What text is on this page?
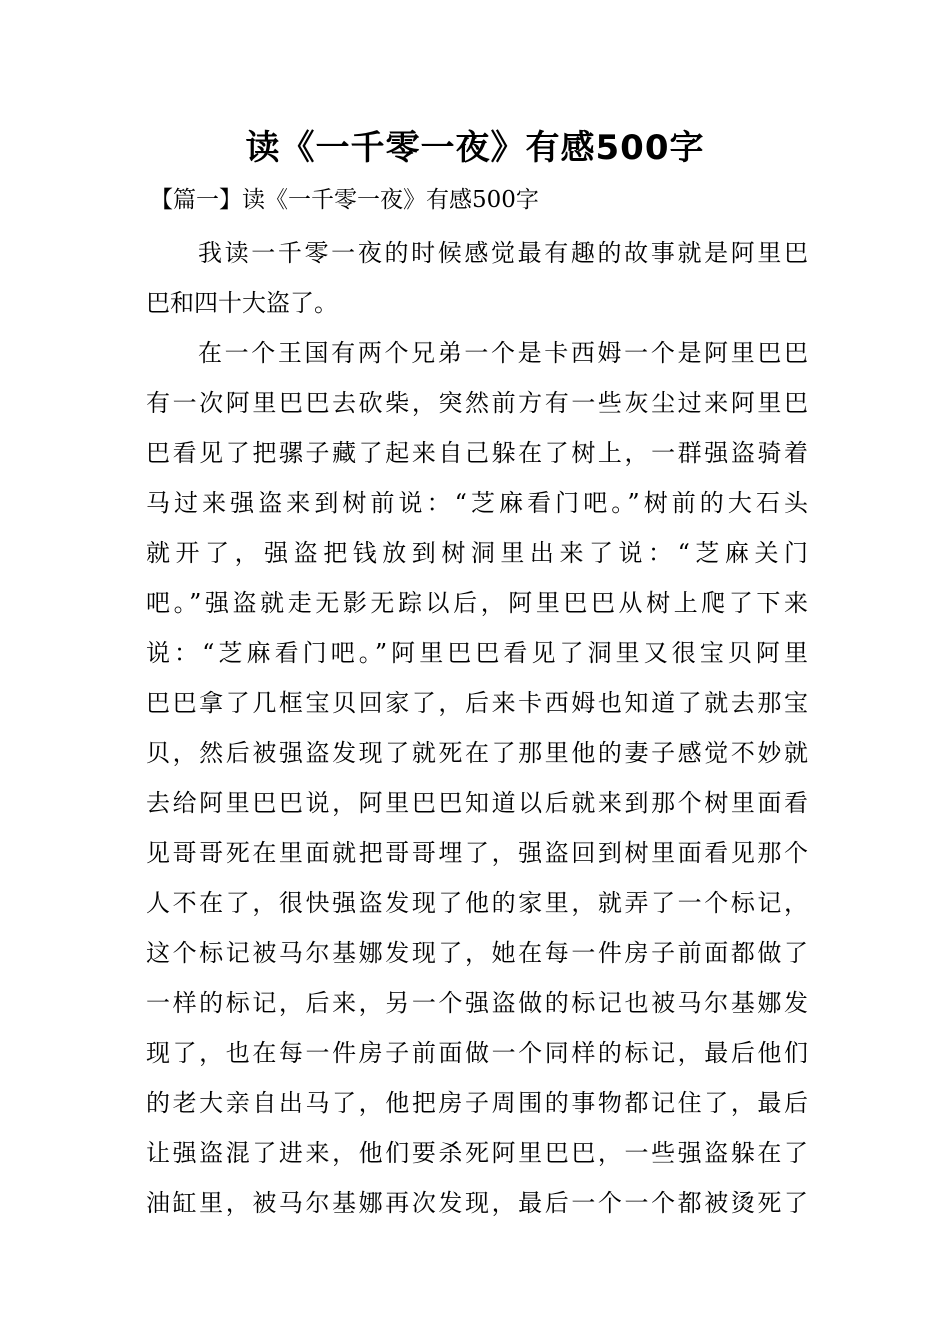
读《一千零一夜》有感500字

【篇一】读《一千零一夜》有感500字

我读一千零一夜的时候感觉最有趣的故事就是阿里巴

巴和四十大盗了。

在一个王国有两个兄弟一个是卡西姆一个是阿里巴巴

有一次阿里巴巴去砍柴，突然前方有一些灰尘过来阿里巴

巴看见了把骡子藏了起来自己躲在了树上，一群强盗骑着

马过来强盗来到树前说：“芝麻看门吧。”树前的大石头

就开了，强盗把钱放到树洞里出来了说：“芝麻关门

吧。”强盗就走无影无踪以后，阿里巴巴从树上爬了下来

说：“芝麻看门吧。”阿里巴巴看见了洞里又很宝贝阿里

巴巴拿了几框宝贝回家了，后来卡西姆也知道了就去那宝

贝，然后被强盗发现了就死在了那里他的妻子感觉不妙就

去给阿里巴巴说，阿里巴巴知道以后就来到那个树里面看

见哥哥死在里面就把哥哥埋了，强盗回到树里面看见那个

人不在了，很快强盗发现了他的家里，就弄了一个标记，

这个标记被马尔基娜发现了，她在每一件房子前面都做了

一样的标记，后来，另一个强盗做的标记也被马尔基娜发

现了，也在每一件房子前面做一个同样的标记，最后他们

的老大亲自出马了，他把房子周围的事物都记住了，最后

让强盗混了进来，他们要杀死阿里巴巴，一些强盗躲在了

油缸里，被马尔基娜再次发现，最后一个一个都被烫死了
